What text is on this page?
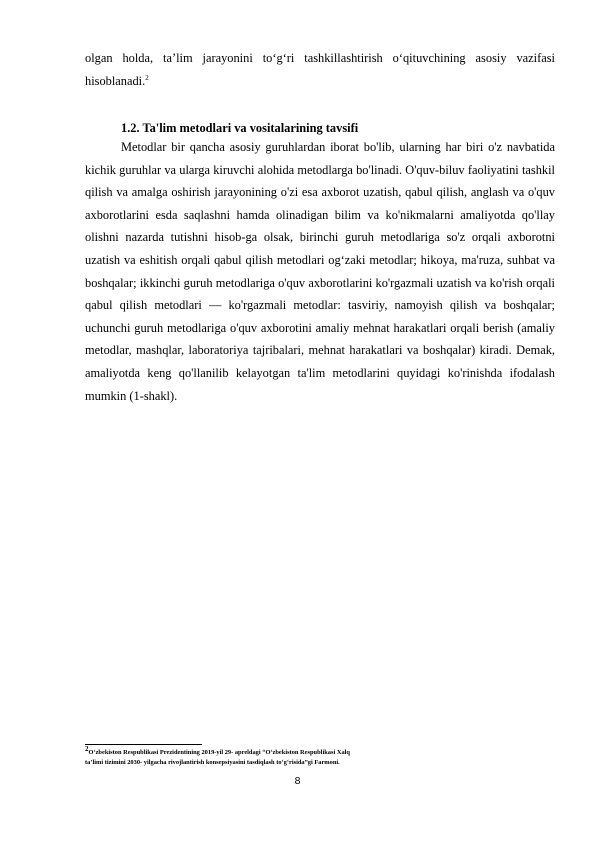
olgan holda, ta’lim jarayonini to‘g‘ri tashkillashtirish o‘qituvchining asosiy vazifasi hisoblanadi.$^2$

1.2. Ta'lim metodlari va vositalarining tavsifi

Metodlar bir qancha asosiy guruhlardan iborat bo'lib, ularning har biri o'z navbatida kichik guruhlar va ularga kiruvchi alohida metodlarga bo'linadi. O'quv-biluv faoliyatini tashkil qilish va amalga oshirish jarayonining o'zi esa axborot uzatish, qabul qilish, anglash va o'quv axborotlarini esda saqlashni hamda olinadigan bilim va ko'nikmalarni amaliyotda qo'llay olishni nazarda tutishni hisob-ga olsak, birinchi guruh metodlariga so'z orqali axborotni uzatish va eshitish orqali qabul qilish metodlari og‘zaki metodlar; hikoya, ma'ruza, suhbat va boshqalar; ikkinchi guruh metodlariga o'quv axborotlarini ko'rgazmali uzatish va ko'rish orqali qabul qilish metodlari — ko'rgazmali metodlar: tasviriy, namoyish qilish va boshqalar; uchunchi guruh metodlariga o'quv axborotini amaliy mehnat harakatlari orqali berish (amaliy metodlar, mashqlar, laboratoriya tajribalari, mehnat harakatlari va boshqalar) kiradi. Demak, amaliyotda keng qo'llanilib kelayotgan ta'lim metodlarini quyidagi ko'rinishda ifodalash mumkin (1-shakl).

$^2$O‘zbekiston Respublikasi Prezidentining 2019-yil 29- apreldagi “O‘zbekiston Respublikasi Xalq ta’limi tizimini 2030- yilgacha rivojlantirish konsepsiyasini tasdiqlash to‘g‘risida”gi Farmoni.

8
